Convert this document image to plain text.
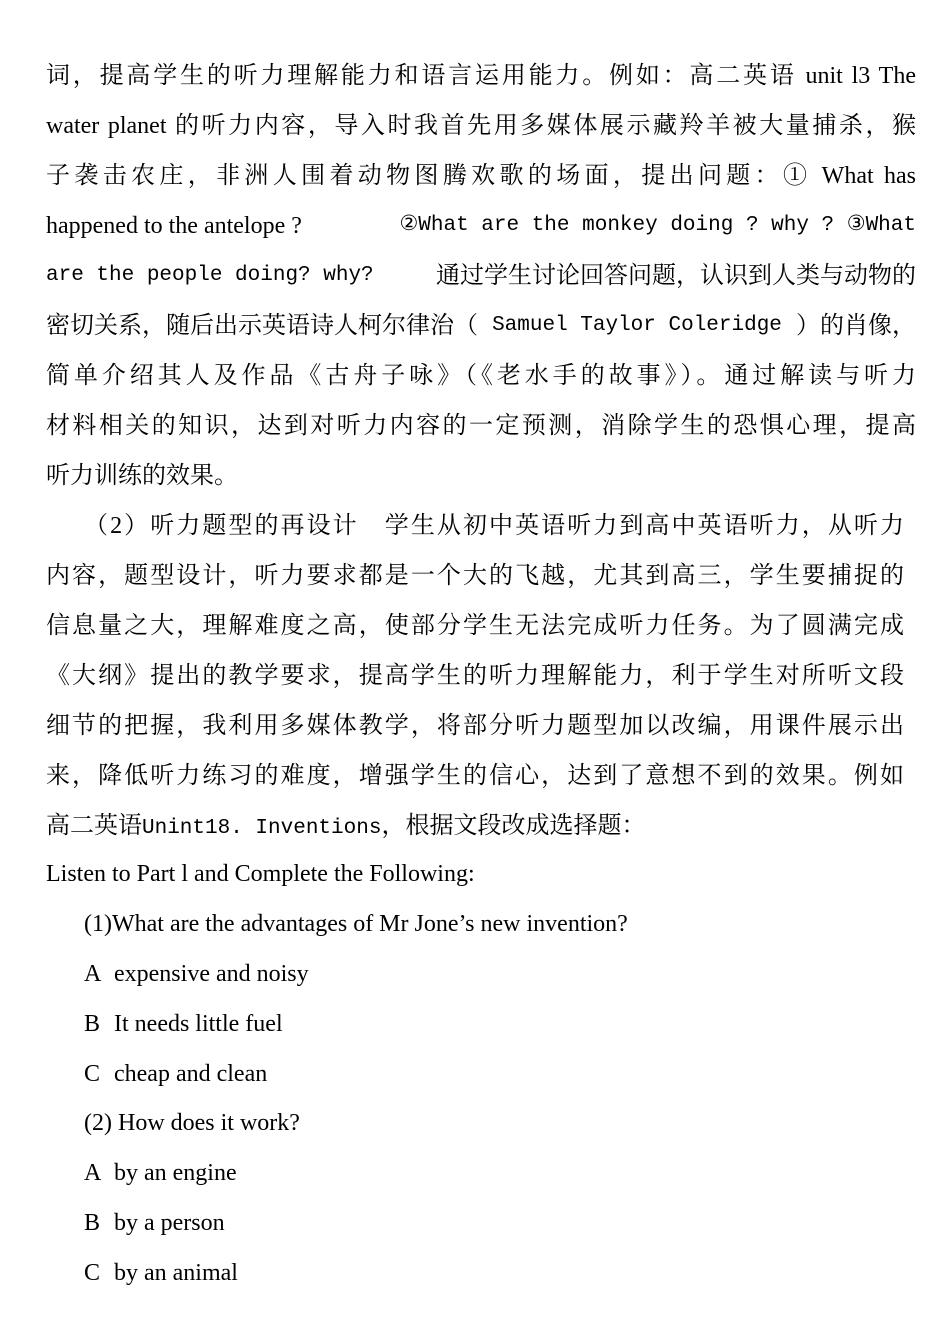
词，提高学生的听力理解能力和语言运用能力。例如：高二英语 unit l3 The
water planet 的听力内容，导入时我首先用多媒体展示藏羚羊被大量捕杀，猴
子袭击农庄，非洲人围着动物图腾欢歌的场面，提出问题：① What has
happened to the antelope ?	②What are the monkey doing ? why ? ③What
are the people doing? why?	通过学生讨论回答问题，认识到人类与动物的
密切关系，随后出示英语诗人柯尔律治（ Samuel Taylor Coleridge ）的肖像，
简单介绍其人及作品《古舟子咏》（《老水手的故事》）。通过解读与听力
材料相关的知识，达到对听力内容的一定预测，消除学生的恐惧心理，提高
听力训练的效果。
（2）听力题型的再设计　学生从初中英语听力到高中英语听力，从听力
内容，题型设计，听力要求都是一个大的飞越，尤其到高三，学生要捕捉的
信息量之大，理解难度之高，使部分学生无法完成听力任务。为了圆满完成
《大纲》提出的教学要求，提高学生的听力理解能力，利于学生对所听文段
细节的把握，我利用多媒体教学，将部分听力题型加以改编，用课件展示出
来，降低听力练习的难度，增强学生的信心，达到了意想不到的效果。例如
高二英语Unint18. Inventions，根据文段改成选择题：
Listen to Part l and Complete the Following:
(1)What are the advantages of Mr Jone’s new invention?
A expensive and noisy
B It needs little fuel
C cheap and clean
(2) How does it work?
A by an engine
B by a person
C by an animal
